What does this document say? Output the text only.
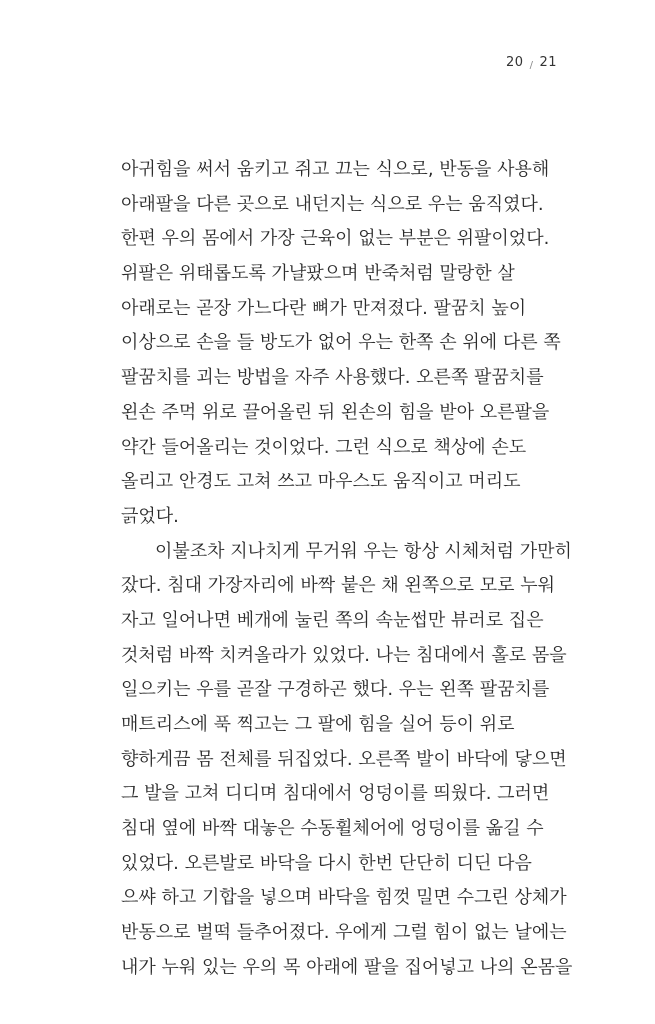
20 / 21
아귀힘을 써서 움키고 쥐고 끄는 식으로, 반동을 사용해
아래팔을 다른 곳으로 내던지는 식으로 우는 움직였다.
한편 우의 몸에서 가장 근육이 없는 부분은 위팔이었다.
위팔은 위태롭도록 가냘팠으며 반죽처럼 말랑한 살
아래로는 곧장 가느다란 뼈가 만져졌다. 팔꿈치 높이
이상으로 손을 들 방도가 없어 우는 한쪽 손 위에 다른 쪽
팔꿈치를 괴는 방법을 자주 사용했다. 오른쪽 팔꿈치를
왼손 주먹 위로 끌어올린 뒤 왼손의 힘을 받아 오른팔을
약간 들어올리는 것이었다. 그런 식으로 책상에 손도
올리고 안경도 고쳐 쓰고 마우스도 움직이고 머리도
긁었다.
이불조차 지나치게 무거워 우는 항상 시체처럼 가만히
잤다. 침대 가장자리에 바짝 붙은 채 왼쪽으로 모로 누워
자고 일어나면 베개에 눌린 쪽의 속눈썹만 뷰러로 집은
것처럼 바짝 치켜올라가 있었다. 나는 침대에서 홀로 몸을
일으키는 우를 곧잘 구경하곤 했다. 우는 왼쪽 팔꿈치를
매트리스에 푹 찍고는 그 팔에 힘을 실어 등이 위로
향하게끔 몸 전체를 뒤집었다. 오른쪽 발이 바닥에 닿으면
그 발을 고쳐 디디며 침대에서 엉덩이를 띄웠다. 그러면
침대 옆에 바짝 대놓은 수동휠체어에 엉덩이를 옮길 수
있었다. 오른발로 바닥을 다시 한번 단단히 디딘 다음
으쌰 하고 기합을 넣으며 바닥을 힘껏 밀면 수그린 상체가
반동으로 벌떡 들추어졌다. 우에게 그럴 힘이 없는 날에는
내가 누워 있는 우의 목 아래에 팔을 집어넣고 나의 온몸을
